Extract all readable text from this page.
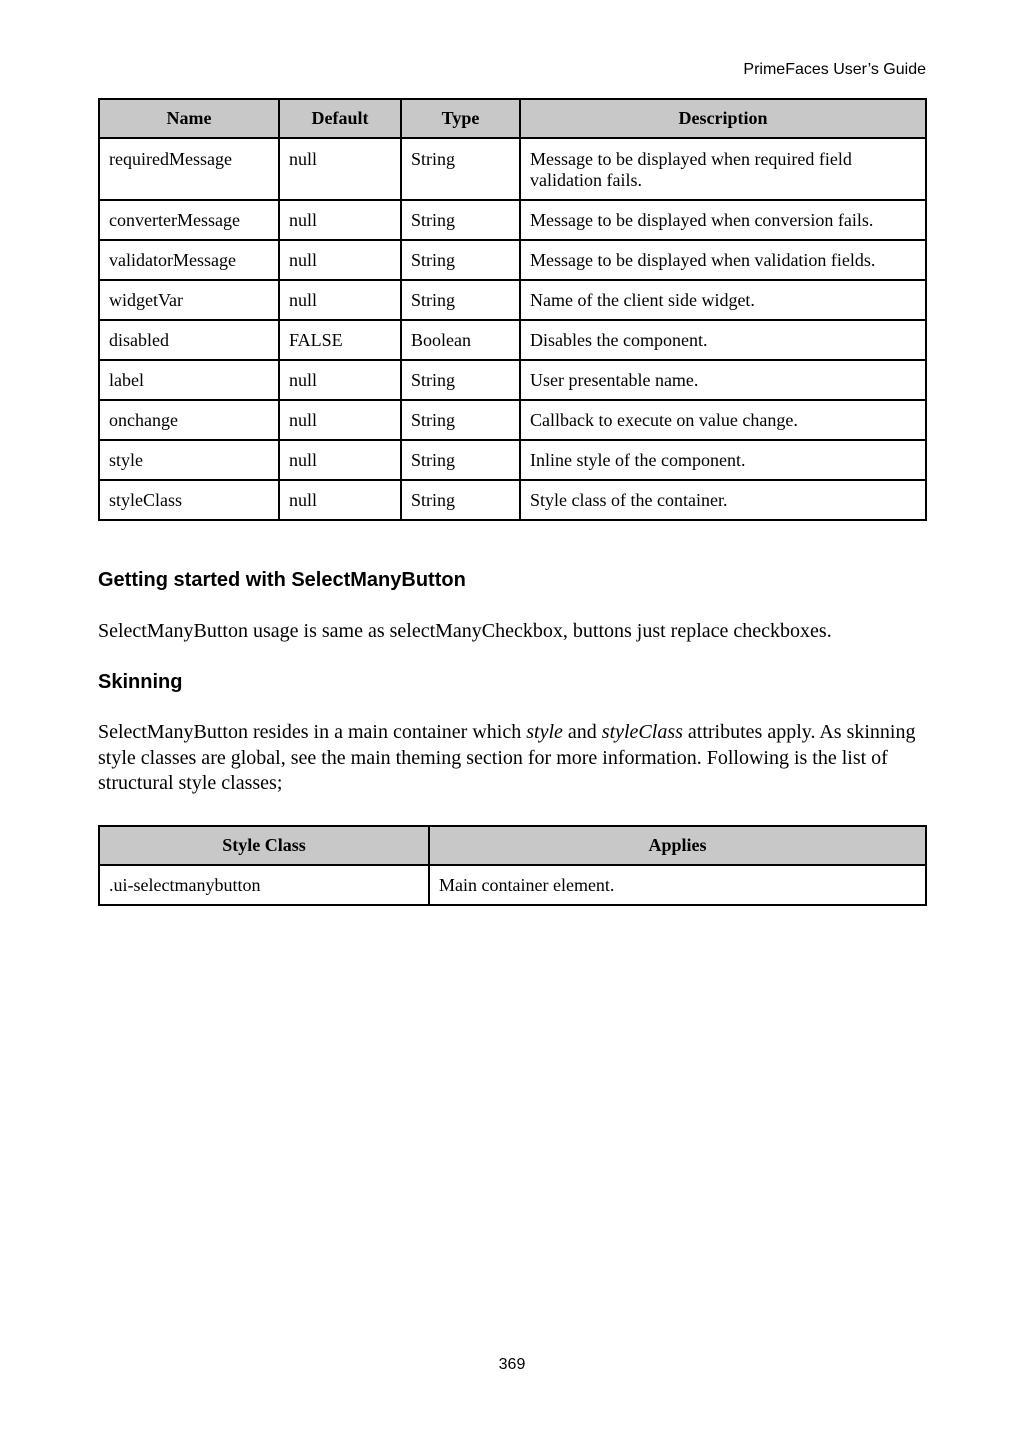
PrimeFaces User’s Guide
Name	Default	Type	Description
requiredMessage	null	String	Message to be displayed when required field validation fails.
converterMessage	null	String	Message to be displayed when conversion fails.
validatorMessage	null	String	Message to be displayed when validation fields.
widgetVar	null	String	Name of the client side widget.
disabled	FALSE	Boolean	Disables the component.
label	null	String	User presentable name.
onchange	null	String	Callback to execute on value change.
style	null	String	Inline style of the component.
styleClass	null	String	Style class of the container.
Getting started with SelectManyButton

SelectManyButton usage is same as selectManyCheckbox, buttons just replace checkboxes.

Skinning

SelectManyButton resides in a main container which style and styleClass attributes apply. As skinning style classes are global, see the main theming section for more information. Following is the list of structural style classes;

Style Class	Applies
.ui-selectmanybutton	Main container element.
369
